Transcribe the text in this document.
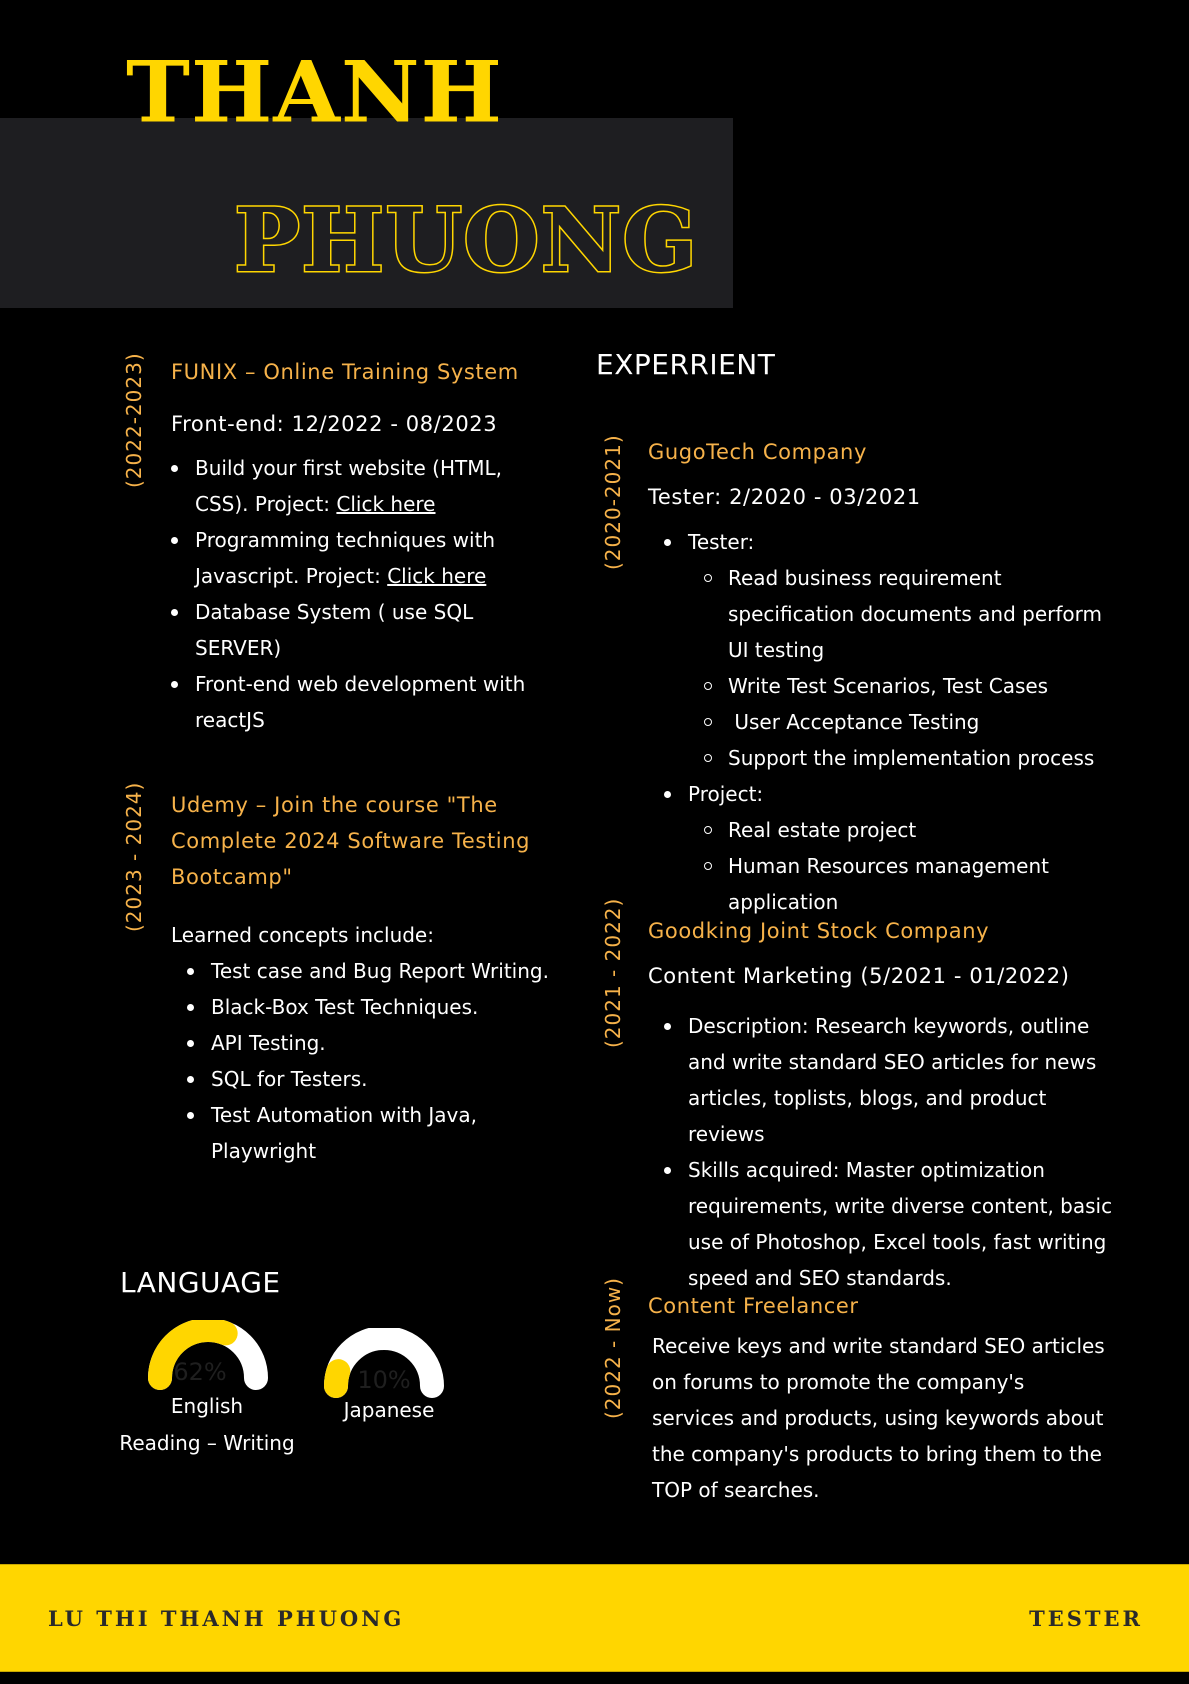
THANH
PHUONG
(2022-2023) FUNIX – Online Training System
Front-end: 12/2022 - 08/2023
Build your first website (HTML, CSS). Project: Click here
Programming techniques with Javascript. Project: Click here
Database System ( use SQL SERVER)
Front-end web development with reactJS
(2023 - 2024) Udemy – Join the course "The Complete 2024 Software Testing Bootcamp"
Learned concepts include:
Test case and Bug Report Writing.
Black-Box Test Techniques.
API Testing.
SQL for Testers.
Test Automation with Java, Playwright
LANGUAGE
62%
English
Reading – Writing
10%
Japanese
EXPERRIENT
(2020-2021) GugoTech Company
Tester: 2/2020 - 03/2021
Tester:
Read business requirement specification documents and perform UI testing
Write Test Scenarios, Test Cases
User Acceptance Testing
Support the implementation process
Project:
Real estate project
Human Resources management application
(2021 - 2022) Goodking Joint Stock Company
Content Marketing (5/2021 - 01/2022)
Description: Research keywords, outline and write standard SEO articles for news articles, toplists, blogs, and product reviews
Skills acquired: Master optimization requirements, write diverse content, basic use of Photoshop, Excel tools, fast writing speed and SEO standards.
(2022 - Now) Content Freelancer
Receive keys and write standard SEO articles on forums to promote the company's services and products, using keywords about the company's products to bring them to the TOP of searches.
LU THI THANH PHUONG	TESTER
